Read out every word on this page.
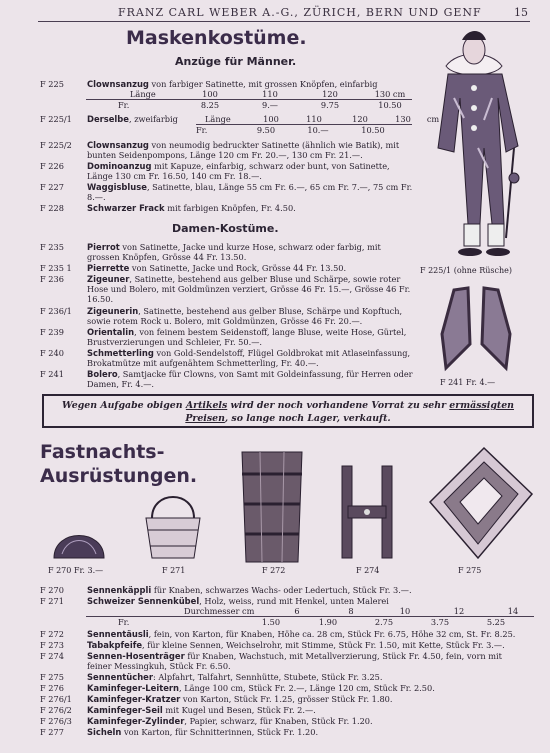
FRANZ CARL WEBER A.-G., ZÜRICH, BERN UND GENF	15
Maskenkostüme.
Anzüge für Männer.
F 225	Clownsanzug von farbiger Satinette, mit grossen Knöpfen, einfarbig
Länge	100	110	120	130 cm
Fr.	8.25	9.—	9.75	10.50
F 225/1 Derselbe, zweifarbig	Länge	100	110	120	130	cm
Fr.	9.50	10.—	10.50
F 225/2 Clownsanzug von neumodig bedruckter Satinette (ähnlich wie Batik), mit bunten Seidenpompons, Länge 120 cm Fr. 20.—, 130 cm Fr. 21.—.
F 226	Dominoanzug mit Kapuze, einfarbig, schwarz oder bunt, von Satinette, Länge 130 cm Fr. 16.50, 140 cm Fr. 18.—.
F 227	Waggisbluse, Satinette, blau, Länge 55 cm Fr. 6.—, 65 cm Fr. 7.—, 75 cm Fr. 8.—.
F 228	Schwarzer Frack mit farbigen Knöpfen, Fr. 4.50.
Damen-Kostüme.
F 235	Pierrot von Satinette, Jacke und kurze Hose, schwarz oder farbig, mit grossen Knöpfen, Grösse 44 Fr. 13.50.
F 235 1 Pierrette von Satinette, Jacke und Rock, Grösse 44 Fr. 13.50.
F 236	Zigeuner, Satinette, bestehend aus gelber Bluse und Schärpe, sowie roter Hose und Bolero, mit Goldmünzen verziert, Grösse 46 Fr. 15.—, Grösse 46 Fr. 16.50.
F 236/1 Zigeunerin, Satinette, bestehend aus gelber Bluse, Schärpe und Kopftuch, sowie rotem Rock u. Bolero, mit Goldmünzen, Grösse 46 Fr. 20.—.
F 239	Orientalin, von feinem bestem Seidenstoff, lange Bluse, weite Hose, Gürtel, Brustverzierungen und Schleier, Fr. 50.—.
F 240	Schmetterling von Gold-Sendelstoff, Flügel Goldbrokat mit Atlaseinfassung, Brokatmütze mit aufgenähtem Schmetterling, Fr. 40.—.
F 241	Bolero, Samtjacke für Clowns, von Samt mit Goldeinfassung, für Herren oder Damen, Fr. 4.—.
F 225/1 (ohne Rüsche)
F 241 Fr. 4.—
Wegen Aufgabe obigen Artikels wird der noch vorhandene Vorrat zu sehr ermässigten
Preisen, so lange noch Lager, verkauft.
Fastnachts-
Ausrüstungen.
F 270 Fr. 3.—	F 271	F 272	F 274	F 275
F 270	Sennenkäppli für Knaben, schwarzes Wachs- oder Ledertuch, Stück Fr. 3.—.
F 271	Schweizer Sennenkübel, Holz, weiss, rund mit Henkel, unten Malerei
Durchmesser cm	6	8	10	12	14
Fr.	1.50	1.90	2.75	3.75	5.25
F 272	Sennentäusli, fein, von Karton, für Knaben, Höhe ca. 28 cm, Stück Fr. 6.75, Höhe 32 cm, St. Fr. 8.25.
F 273	Tabakpfeife, für kleine Sennen, Weichselrohr, mit Stimme, Stück Fr. 1.50, mit Kette, Stück Fr. 3.—.
F 274	Sennen-Hosenträger für Knaben, Wachstuch, mit Metallverzierung, Stück Fr. 4.50, fein, vorn mit feiner Messingkuh, Stück Fr. 6.50.
F 275	Sennentücher: Alpfahrt, Talfahrt, Sennhütte, Stubete, Stück Fr. 3.25.
F 276	Kaminfeger-Leitern, Länge 100 cm, Stück Fr. 2.—, Länge 120 cm, Stück Fr. 2.50.
F 276/1 Kaminfeger-Kratzer von Karton, Stück Fr. 1.25, grösser Stück Fr. 1.80.
F 276/2 Kaminfeger-Seil mit Kugel und Besen, Stück Fr. 2.—.
F 276/3 Kaminfeger-Zylinder, Papier, schwarz, für Knaben, Stück Fr. 1.20.
F 277	Sicheln von Karton, für Schnitterinnen, Stück Fr. 1.20.
